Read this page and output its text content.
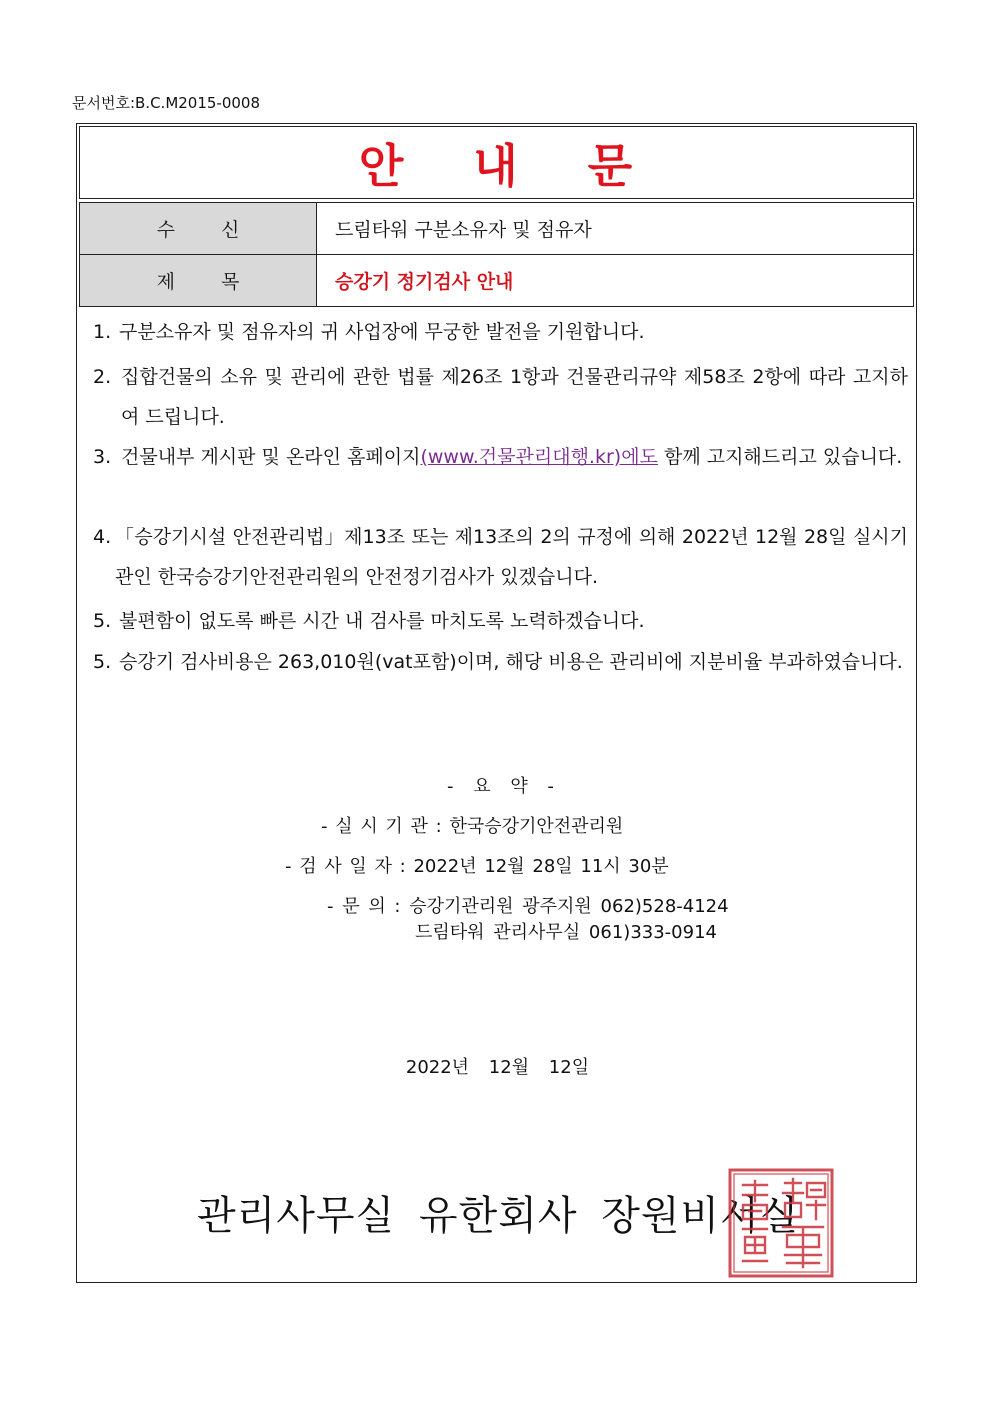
문서번호:B.C.M2015-0008
안 내 문
수 신	드림타워 구분소유자 및 점유자
제 목	승강기 정기검사 안내
1. 구분소유자 및 점유자의 귀 사업장에 무궁한 발전을 기원합니다.
2. 집합건물의 소유 및 관리에 관한 법률 제26조 1항과 건물관리규약 제58조 2항에 따라 고지하여 드립니다.
3. 건물내부 게시판 및 온라인 홈페이지(www.건물관리대행.kr)에도 함께 고지해드리고 있습니다.
4. 「승강기시설 안전관리법」제13조 또는 제13조의 2의 규정에 의해 2022년 12월 28일 실시기관인 한국승강기안전관리원의 안전정기검사가 있겠습니다.
5. 불편함이 없도록 빠른 시간 내 검사를 마치도록 노력하겠습니다.
5. 승강기 검사비용은 263,010원(vat포함)이며, 해당 비용은 관리비에 지분비율 부과하였습니다.
- 요 약 -
- 실 시 기 관 : 한국승강기안전관리원
- 검 사 일 자 : 2022년 12월 28일 11시 30분
- 문 의 : 승강기관리원 광주지원 062)528-4124
드림타워 관리사무실 061)333-0914
2022년 12월 12일
관리사무실 유한회사 장원비서실
